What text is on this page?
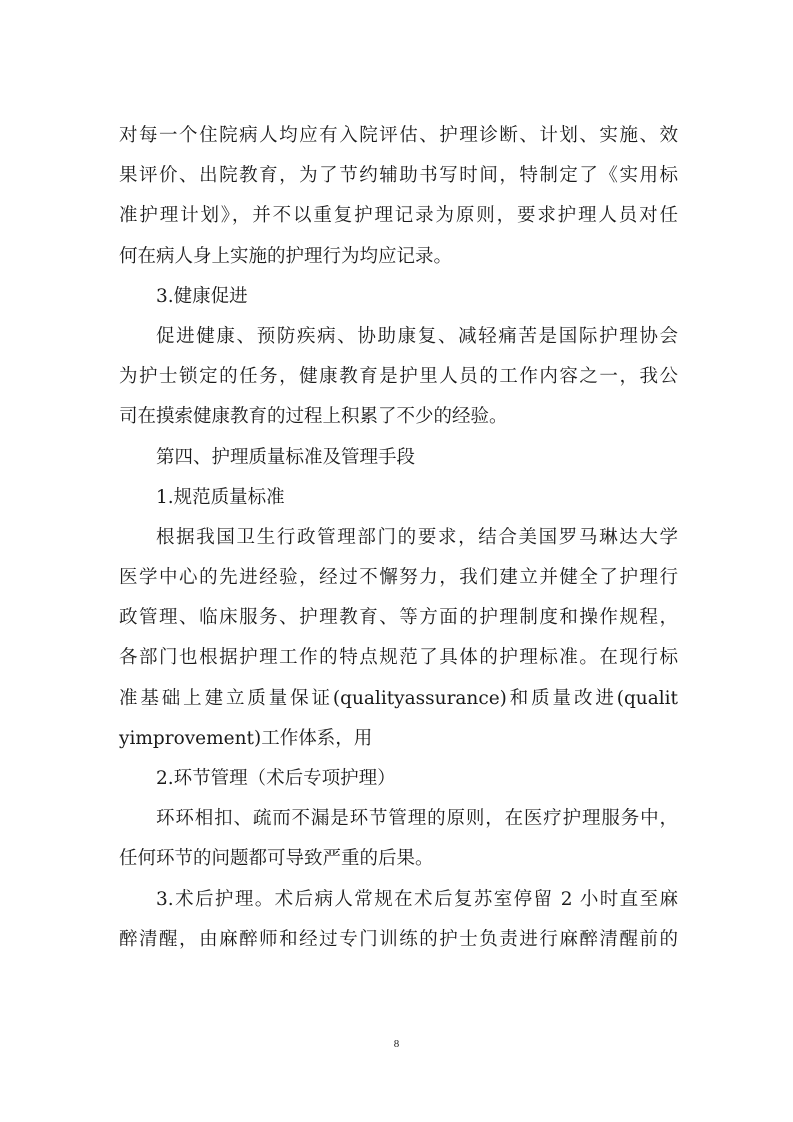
对每一个住院病人均应有入院评估、护理诊断、计划、实施、效
果评价、出院教育，为了节约辅助书写时间，特制定了《实用标
准护理计划》，并不以重复护理记录为原则，要求护理人员对任
何在病人身上实施的护理行为均应记录。
3.健康促进
促进健康、预防疾病、协助康复、减轻痛苦是国际护理协会
为护士锁定的任务，健康教育是护里人员的工作内容之一，我公
司在摸索健康教育的过程上积累了不少的经验。
第四、护理质量标准及管理手段
1.规范质量标准
根据我国卫生行政管理部门的要求，结合美国罗马琳达大学
医学中心的先进经验，经过不懈努力，我们建立并健全了护理行
政管理、临床服务、护理教育、等方面的护理制度和操作规程，
各部门也根据护理工作的特点规范了具体的护理标准。在现行标
准基础上建立质量保证(qualityassurance)和质量改进(qualit
yimprovement)工作体系，用
2.环节管理（术后专项护理）
环环相扣、疏而不漏是环节管理的原则，在医疗护理服务中，
任何环节的问题都可导致严重的后果。
3.术后护理。术后病人常规在术后复苏室停留 2 小时直至麻
醉清醒，由麻醉师和经过专门训练的护士负责进行麻醉清醒前的
8
